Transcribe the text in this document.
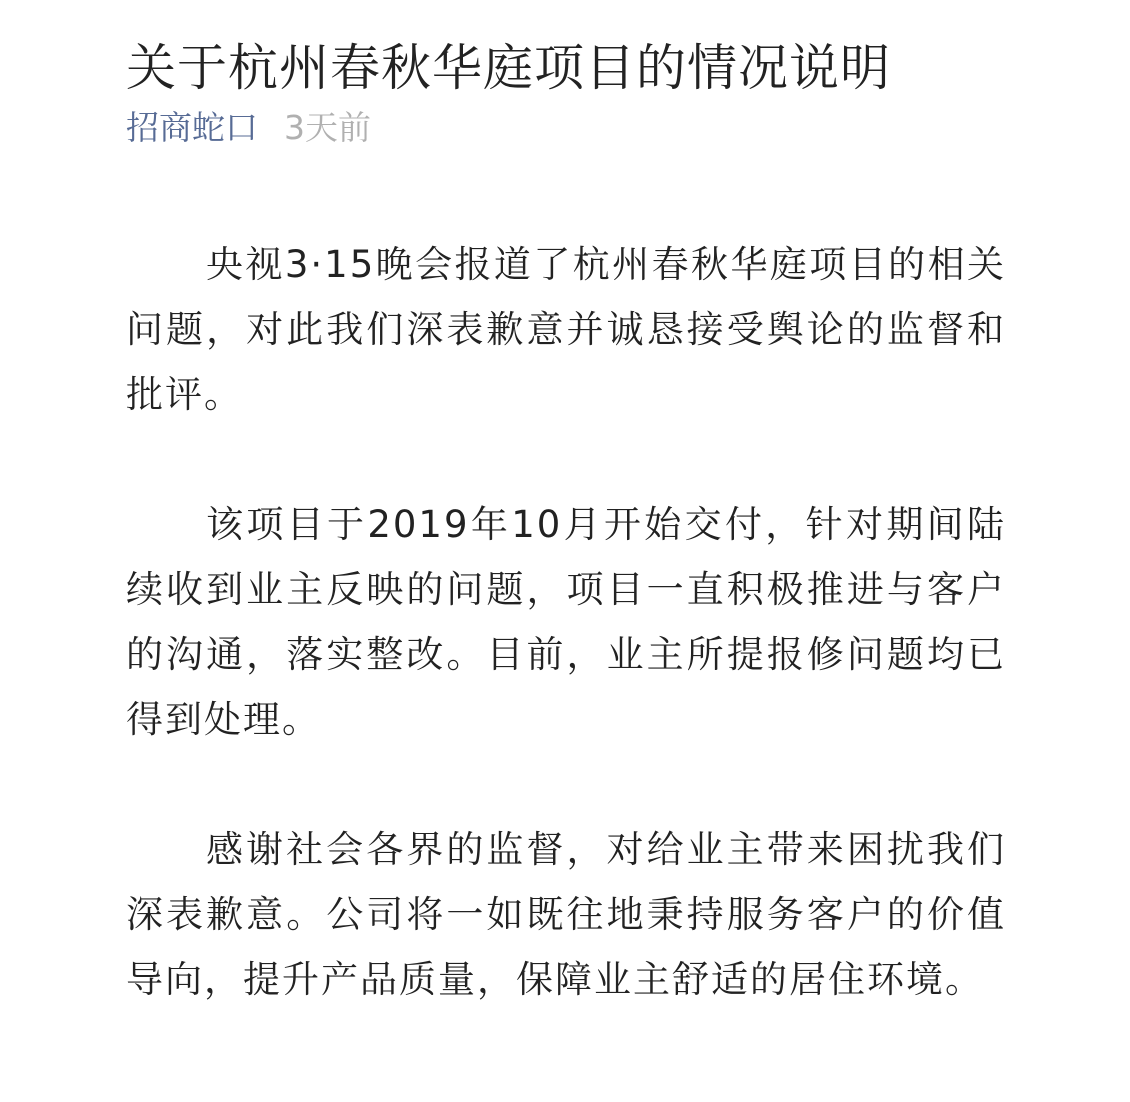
关于杭州春秋华庭项目的情况说明
招商蛇口 3天前

央视3·15晚会报道了杭州春秋华庭项目的相关问题，对此我们深表歉意并诚恳接受舆论的监督和批评。

该项目于2019年10月开始交付，针对期间陆续收到业主反映的问题，项目一直积极推进与客户的沟通，落实整改。目前，业主所提报修问题均已得到处理。

感谢社会各界的监督，对给业主带来困扰我们深表歉意。公司将一如既往地秉持服务客户的价值导向，提升产品质量，保障业主舒适的居住环境。
